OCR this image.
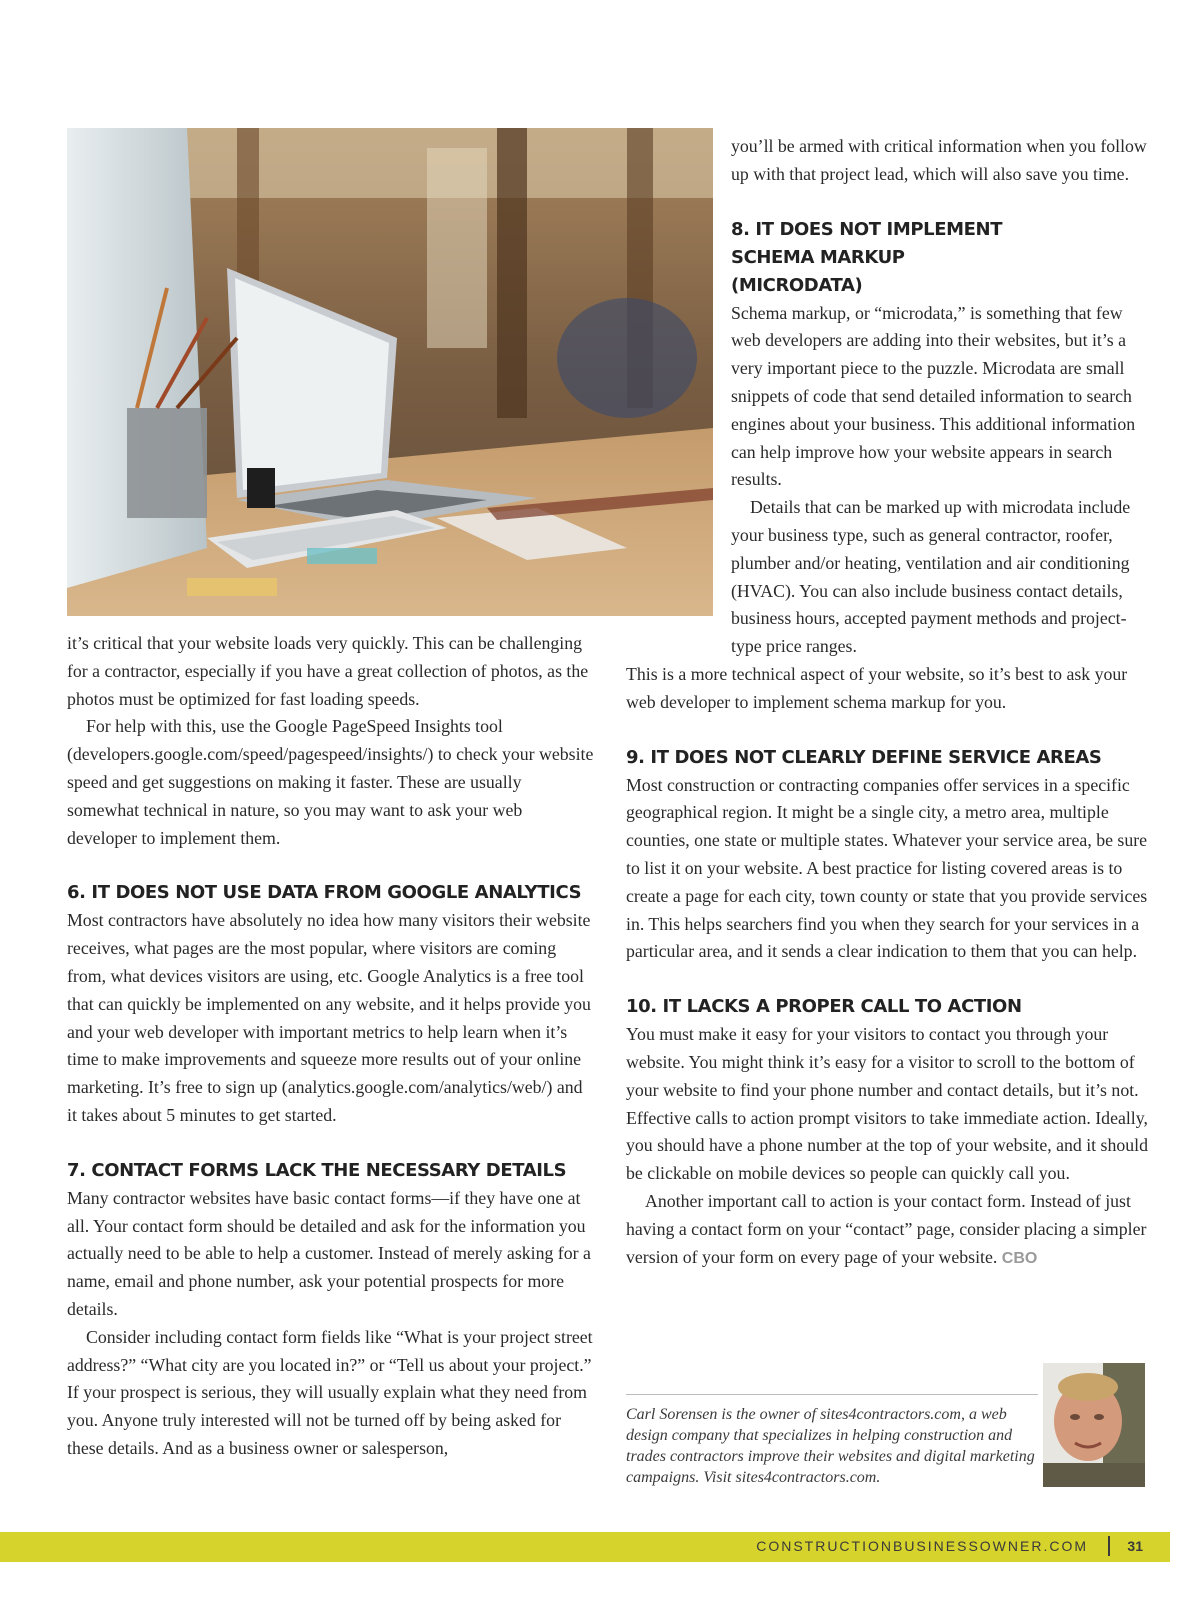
it’s critical that your website loads very quickly. This can be challenging for a contractor, especially if you have a great collection of photos, as the photos must be optimized for fast loading speeds.

For help with this, use the Google PageSpeed Insights tool (developers.google.com/speed/pagespeed/insights/) to check your website speed and get suggestions on making it faster. These are usually somewhat technical in nature, so you may want to ask your web developer to implement them.

6. IT DOES NOT USE DATA FROM GOOGLE ANALYTICS

Most contractors have absolutely no idea how many visitors their website receives, what pages are the most popular, where visitors are coming from, what devices visitors are using, etc. Google Analytics is a free tool that can quickly be implemented on any website, and it helps provide you and your web developer with important metrics to help learn when it’s time to make improvements and squeeze more results out of your online marketing. It’s free to sign up (analytics.google.com/analytics/web/) and it takes about 5 minutes to get started.

7. CONTACT FORMS LACK THE NECESSARY DETAILS

Many contractor websites have basic contact forms—if they have one at all. Your contact form should be detailed and ask for the information you actually need to be able to help a customer. Instead of merely asking for a name, email and phone number, ask your potential prospects for more details.

Consider including contact form fields like “What is your project street address?” “What city are you located in?” or “Tell us about your project.” If your prospect is serious, they will usually explain what they need from you. Anyone truly interested will not be turned off by being asked for these details. And as a business owner or salesperson,

you’ll be armed with critical information when you follow up with that project lead, which will also save you time.

8. IT DOES NOT IMPLEMENT SCHEMA MARKUP (MICRODATA)

Schema markup, or “microdata,” is something that few web developers are adding into their websites, but it’s a very important piece to the puzzle. Microdata are small snippets of code that send detailed information to search engines about your business. This additional information can help improve how your website appears in search results.

Details that can be marked up with microdata include your business type, such as general contractor, roofer, plumber and/or heating, ventilation and air conditioning (HVAC). You can also include business contact details, business hours, accepted payment methods and project-type price ranges.

This is a more technical aspect of your website, so it’s best to ask your web developer to implement schema markup for you.

9. IT DOES NOT CLEARLY DEFINE SERVICE AREAS

Most construction or contracting companies offer services in a specific geographical region. It might be a single city, a metro area, multiple counties, one state or multiple states. Whatever your service area, be sure to list it on your website. A best practice for listing covered areas is to create a page for each city, town county or state that you provide services in. This helps searchers find you when they search for your services in a particular area, and it sends a clear indication to them that you can help.

10. IT LACKS A PROPER CALL TO ACTION

You must make it easy for your visitors to contact you through your website. You might think it’s easy for a visitor to scroll to the bottom of your website to find your phone number and contact details, but it’s not. Effective calls to action prompt visitors to take immediate action. Ideally, you should have a phone number at the top of your website, and it should be clickable on mobile devices so people can quickly call you.

Another important call to action is your contact form. Instead of just having a contact form on your “contact” page, consider placing a simpler version of your form on every page of your website. CBO

Carl Sorensen is the owner of sites4contractors.com, a web design company that specializes in helping construction and trades contractors improve their websites and digital marketing campaigns. Visit sites4contractors.com.

CONSTRUCTIONBUSINESSOWNER.COM	31
